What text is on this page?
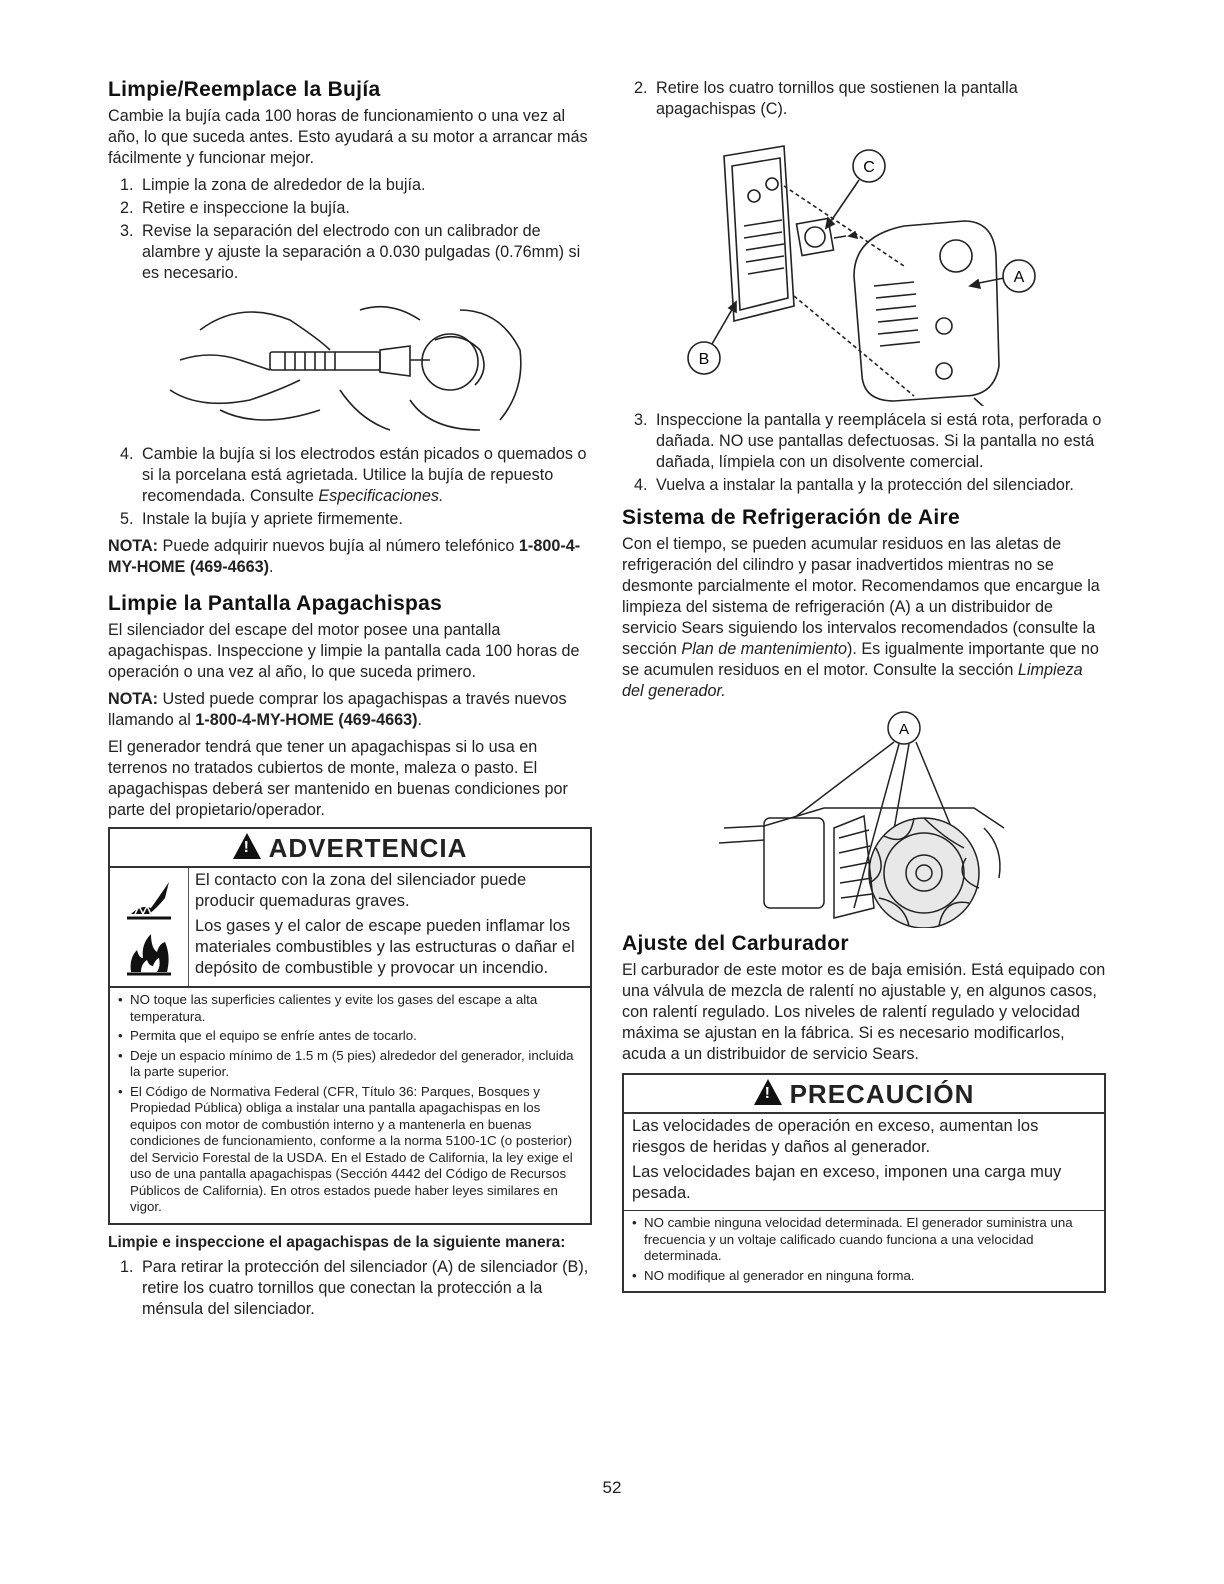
Limpie/Reemplace la Bujía

Cambie la bujía cada 100 horas de funcionamiento o una vez al año, lo que suceda antes. Esto ayudará a su motor a arrancar más fácilmente y funcionar mejor.

1. Limpie la zona de alrededor de la bujía.
2. Retire e inspeccione la bujía.
3. Revise la separación del electrodo con un calibrador de alambre y ajuste la separación a 0.030 pulgadas (0.76mm) si es necesario.
4. Cambie la bujía si los electrodos están picados o quemados o si la porcelana está agrietada. Utilice la bujía de repuesto recomendada. Consulte Especificaciones.
5. Instale la bujía y apriete firmemente.

NOTA: Puede adquirir nuevos bujía al número telefónico 1-800-4-MY-HOME (469-4663).

Limpie la Pantalla Apagachispas

El silenciador del escape del motor posee una pantalla apagachispas. Inspeccione y limpie la pantalla cada 100 horas de operación o una vez al año, lo que suceda primero.

NOTA: Usted puede comprar los apagachispas a través nuevos llamando al 1-800-4-MY-HOME (469-4663).

El generador tendrá que tener un apagachispas si lo usa en terrenos no tratados cubiertos de monte, maleza o pasto. El apagachispas deberá ser mantenido en buenas condiciones por parte del propietario/operador.

! ADVERTENCIA

El contacto con la zona del silenciador puede producir quemaduras graves.

Los gases y el calor de escape pueden inflamar los materiales combustibles y las estructuras o dañar el depósito de combustible y provocar un incendio.

• NO toque las superficies calientes y evite los gases del escape a alta temperatura.
• Permita que el equipo se enfríe antes de tocarlo.
• Deje un espacio mínimo de 1.5 m (5 pies) alrededor del generador, incluida la parte superior.
• El Código de Normativa Federal (CFR, Título 36: Parques, Bosques y Propiedad Pública) obliga a instalar una pantalla apagachispas en los equipos con motor de combustión interno y a mantenerla en buenas condiciones de funcionamiento, conforme a la norma 5100-1C (o posterior) del Servicio Forestal de la USDA. En el Estado de California, la ley exige el uso de una pantalla apagachispas (Sección 4442 del Código de Recursos Públicos de California). En otros estados puede haber leyes similares en vigor.

Limpie e inspeccione el apagachispas de la siguiente manera:

1. Para retirar la protección del silenciador (A) de silenciador (B), retire los cuatro tornillos que conectan la protección a la ménsula del silenciador.
2. Retire los cuatro tornillos que sostienen la pantalla apagachispas (C).
C
A
B
3. Inspeccione la pantalla y reemplácela si está rota, perforada o dañada. NO use pantallas defectuosas. Si la pantalla no está dañada, límpiela con un disolvente comercial.
4. Vuelva a instalar la pantalla y la protección del silenciador.
Sistema de Refrigeración de Aire

Con el tiempo, se pueden acumular residuos en las aletas de refrigeración del cilindro y pasar inadvertidos mientras no se desmonte parcialmente el motor. Recomendamos que encargue la limpieza del sistema de refrigeración (A) a un distribuidor de servicio Sears siguiendo los intervalos recomendados (consulte la sección Plan de mantenimiento). Es igualmente importante que no se acumulen residuos en el motor. Consulte la sección Limpieza del generador.

A
Ajuste del Carburador

El carburador de este motor es de baja emisión. Está equipado con una válvula de mezcla de ralentí no ajustable y, en algunos casos, con ralentí regulado. Los niveles de ralentí regulado y velocidad máxima se ajustan en la fábrica. Si es necesario modificarlos, acuda a un distribuidor de servicio Sears.

! PRECAUCIÓN

Las velocidades de operación en exceso, aumentan los riesgos de heridas y daños al generador.

Las velocidades bajan en exceso, imponen una carga muy pesada.

• NO cambie ninguna velocidad determinada. El generador suministra una frecuencia y un voltaje calificado cuando funciona a una velocidad determinada.
• NO modifique al generador en ninguna forma.
52
